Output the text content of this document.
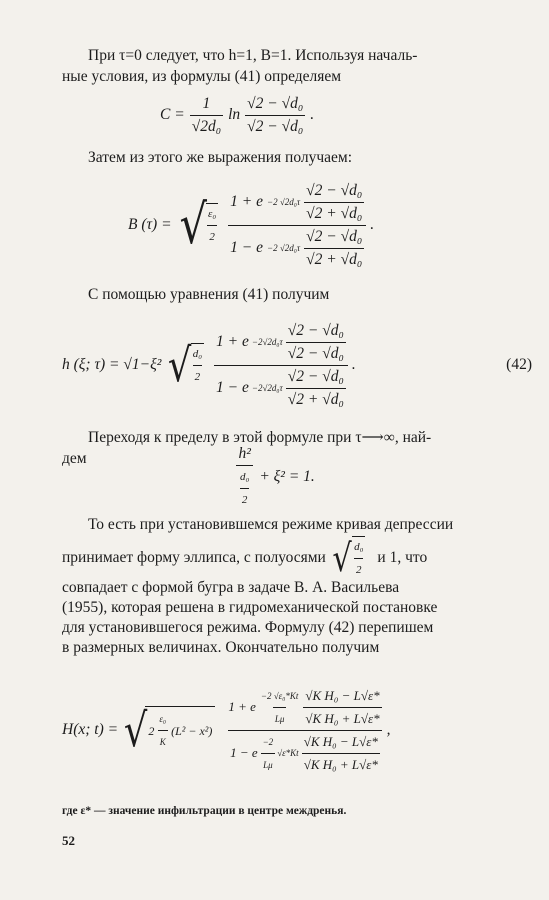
При τ=0 следует, что h=1, B=1. Используя началь-
ные условия, из формулы (41) определяем
$C = \frac{1}{\text{√2d₀}}$ $\ln \frac{\text{√2 − √d₀}}{\text{√2 − √d₀}}$ .
Затем из этого же выражения получаем:
B (τ) = √ $\frac{\text{ε₀}}{2} \frac{1 + e -2 √2d_0\tau \frac{\text{√2 − √d₀}}{\text{√2 + √d₀}}}{1 - e -2 √2d_0\tau \frac{\text{√2 − √d₀}}{\text{√2 + √d₀}}}$ .
С помощью уравнения (41) получим
h (ξ; τ) = √1−ξ² √
$\frac{\text{d₀}}{2} \frac{1 + e -2√2d_0\tau \frac{\text{√2 − √d₀}}{\text{√2 − √d₀}}}{1 - e -2√2d_0\tau \frac{\text{√2 − √d₀}}{\text{√2 + √d₀}}}$ .	(42)
Переходя к пределу в этой формуле при τ⟶∞, най-
дем	$\frac{\text{h²}}{\frac{\text{d₀}}{2}} + \xi^2 = 1$.
То есть при установившемся режиме кривая депрессии
принимает форму эллипса, с полуосями √ $\frac{\text{d₀}}{2}$ и 1, что
совпадает с формой бугра в задаче В. А. Васильева
(1955), которая решена в гидромеханической постановке
для установившегося режима. Формулу (42) перепишем
в размерных величинах. Окончательно получим
H(x; t) = √ $2 \frac{\text{ε₀}}{K} (L^2 - x^2)$
1 + e $\frac{\text{−2 √ε₀*Kt}}{L\mu} \frac{\text{√K H₀ − L√ε*}}{\text{√K H₀ + L√ε*}}$
1 − e $\frac{-2}{L\mu} √\varepsilon*Kt \frac{\text{√K H₀ − L√ε*}}{\text{√K H₀ + L√ε*}}$
,
где ε* — значение инфильтрации в центре междренья.
52
